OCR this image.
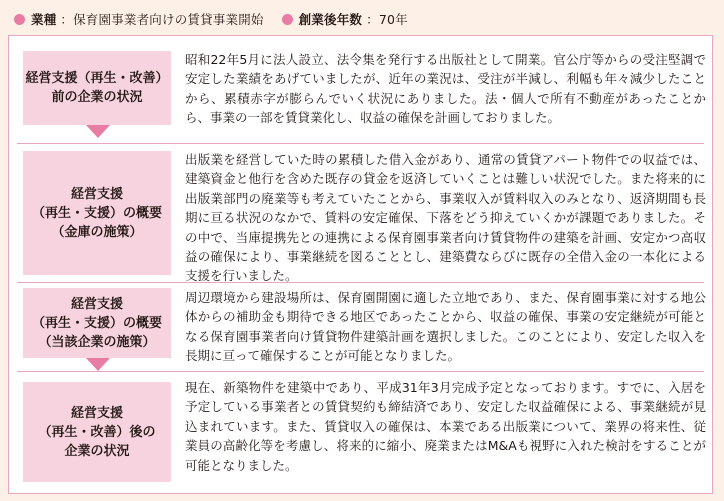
業種 ：保育園事業者向けの賃貸事業開始	創業後年数 ：70年
経営支援（再生・改善）
前の企業の状況
昭和22年5月に法人設立、法令集を発行する出版社として開業。官公庁等からの受注堅調で安定した業績をあげていましたが、近年の業況は、受注が半減し、利幅も年々減少したことから、累積赤字が膨らんでいく状況にありました。法・個人で所有不動産があったことから、事業の一部を賃貸業化し、収益の確保を計画しておりました。
経営支援
（再生・支援）の概要
（金庫の施策）
出版業を経営していた時の累積した借入金があり、通常の賃貸アパート物件での収益では、建築資金と他行を含めた既存の貸金を返済していくことは難しい状況でした。また将来的に出版業部門の廃業等も考えていたことから、事業収入が賃料収入のみとなり、返済期間も長期に亘る状況のなかで、賃料の安定確保、下落をどう抑えていくかが課題でありました。その中で、当庫提携先との連携による保育園事業者向け賃貸物件の建築を計画、安定かつ高収益の確保により、事業継続を図ることとし、建築費ならびに既存の全借入金の一本化による支援を行いました。
経営支援
（再生・支援）の概要
（当該企業の施策）
周辺環境から建設場所は、保育園開園に適した立地であり、また、保育園事業に対する地公体からの補助金も期待できる地区であったことから、収益の確保、事業の安定継続が可能となる保育園事業者向け賃貸物件建築計画を選択しました。このことにより、安定した収入を長期に亘って確保することが可能となりました。
経営支援
（再生・改善）後の
企業の状況
現在、新築物件を建築中であり、平成31年3月完成予定となっております。すでに、入居を予定している事業者との賃貸契約も締結済であり、安定した収益確保による、事業継続が見込まれています。また、賃貸収入の確保は、本業である出版業について、業界の将来性、従業員の高齢化等を考慮し、将来的に縮小、廃業またはM&Aも視野に入れた検討をすることが可能となりました。
